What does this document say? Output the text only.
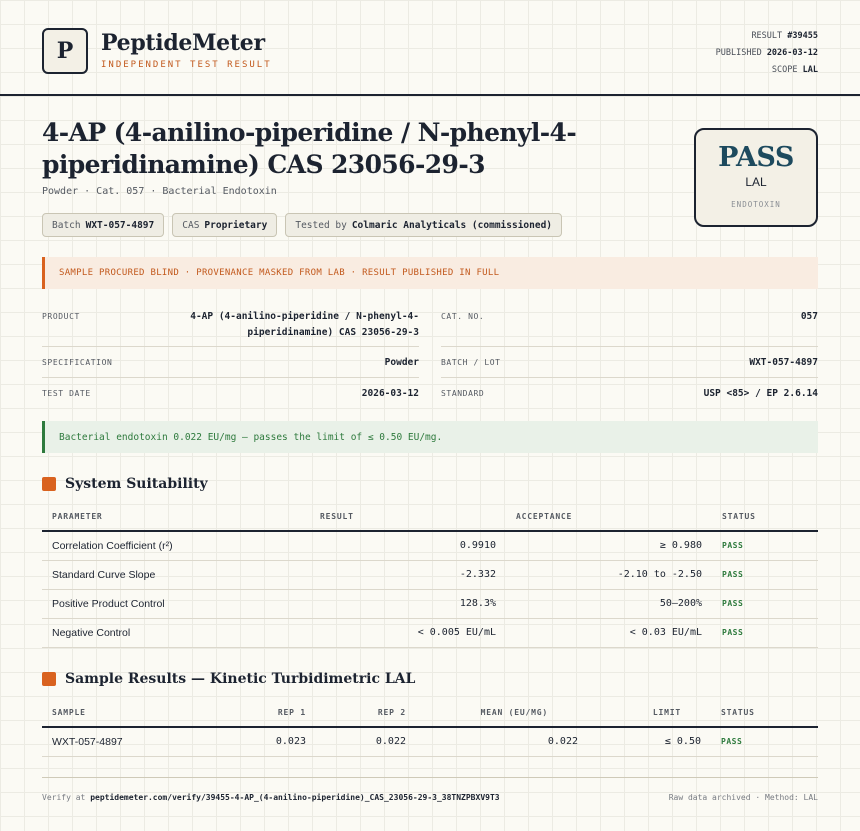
P	PeptideMeter
INDEPENDENT TEST RESULT
RESULT #39455
PUBLISHED 2026-03-12
SCOPE LAL
4-AP (4-anilino-piperidine / N-phenyl-4-piperidinamine) CAS 23056-29-3
Powder · Cat. 057 · Bacterial Endotoxin
Batch WXT-057-4897	CAS Proprietary	Tested by Colmaric Analyticals (commissioned)
PASS
LAL
ENDOTOXIN
SAMPLE PROCURED BLIND · PROVENANCE MASKED FROM LAB · RESULT PUBLISHED IN FULL
PRODUCT	4-AP (4-anilino-piperidine / N-phenyl-4-piperidinamine) CAS 23056-29-3
CAT. NO.	057
SPECIFICATION	Powder	BATCH / LOT	WXT-057-4897
TEST DATE	2026-03-12	STANDARD	USP <85> / EP 2.6.14
Bacterial endotoxin 0.022 EU/mg — passes the limit of ≤ 0.50 EU/mg.
System Suitability
PARAMETER	RESULT	ACCEPTANCE	STATUS
Correlation Coefficient (r²)	0.9910	≥ 0.980	PASS
Standard Curve Slope	-2.332	-2.10 to -2.50	PASS
Positive Product Control	128.3%	50–200%	PASS
Negative Control	< 0.005 EU/mL	< 0.03 EU/mL	PASS
Sample Results — Kinetic Turbidimetric LAL
SAMPLE	REP 1	REP 2	MEAN (EU/MG)	LIMIT	STATUS
WXT-057-4897	0.023	0.022	0.022	≤ 0.50	PASS
Verify at peptidemeter.com/verify/39455-4-AP_(4-anilino-piperidine)_CAS_23056-29-3_38TNZPBXV9T3	Raw data archived · Method: LAL
